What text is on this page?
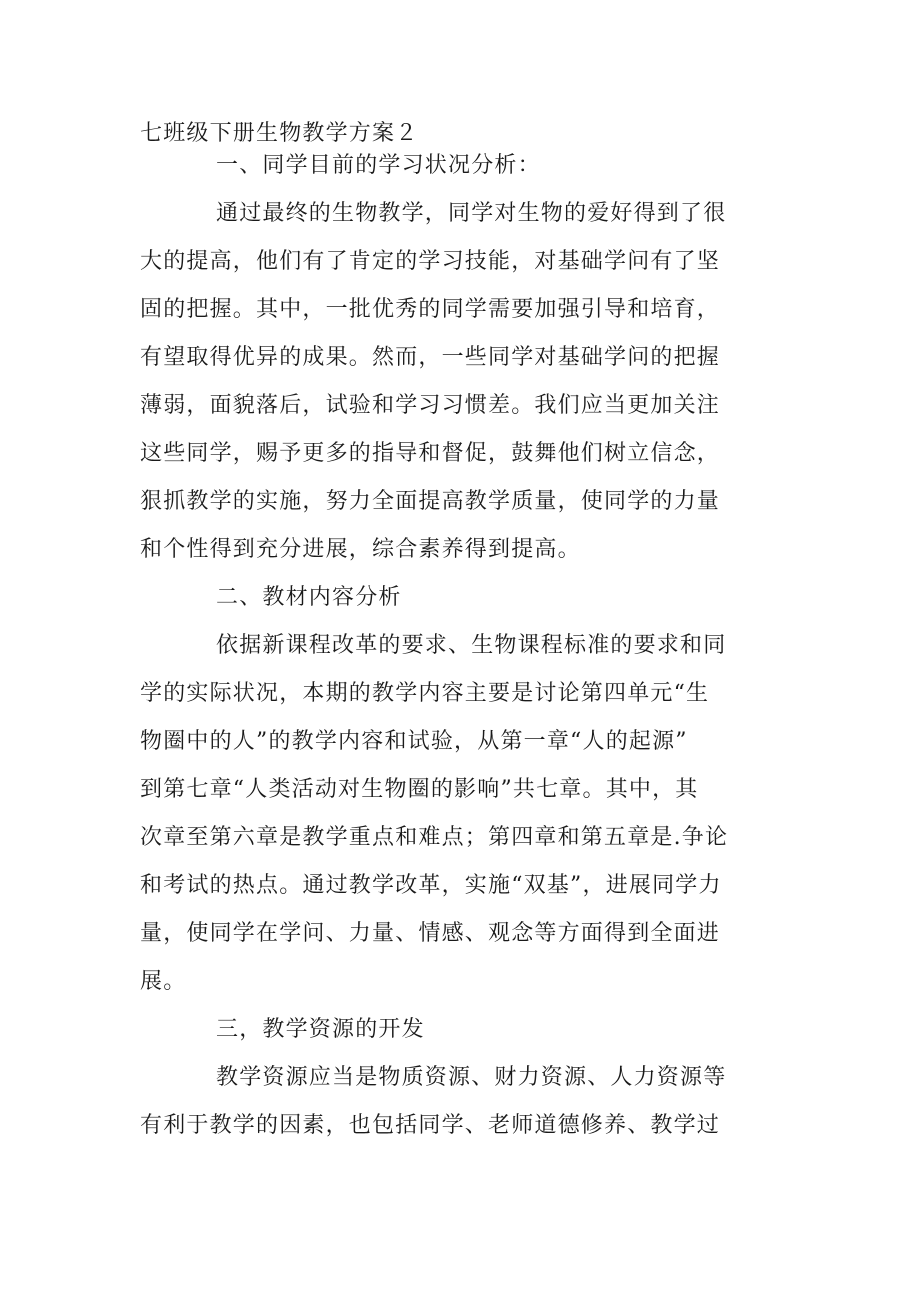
七班级下册生物教学方案２

一、同学目前的学习状况分析：

通过最终的生物教学，同学对生物的爱好得到了很

大的提高，他们有了肯定的学习技能，对基础学问有了坚

固的把握。其中，一批优秀的同学需要加强引导和培育，

有望取得优异的成果。然而，一些同学对基础学问的把握

薄弱，面貌落后，试验和学习习惯差。我们应当更加关注

这些同学，赐予更多的指导和督促，鼓舞他们树立信念，

狠抓教学的实施，努力全面提高教学质量，使同学的力量

和个性得到充分进展，综合素养得到提高。

二、教材内容分析

依据新课程改革的要求、生物课程标准的要求和同

学的实际状况，本期的教学内容主要是讨论第四单元“生

物圈中的人”的教学内容和试验，从第一章“人的起源”

到第七章“人类活动对生物圈的影响”共七章。其中，其

次章至第六章是教学重点和难点；第四章和第五章是.争论

和考试的热点。通过教学改革，实施“双基”，进展同学力

量，使同学在学问、力量、情感、观念等方面得到全面进

展。

三，教学资源的开发

教学资源应当是物质资源、财力资源、人力资源等

有利于教学的因素，也包括同学、老师道德修养、教学过
